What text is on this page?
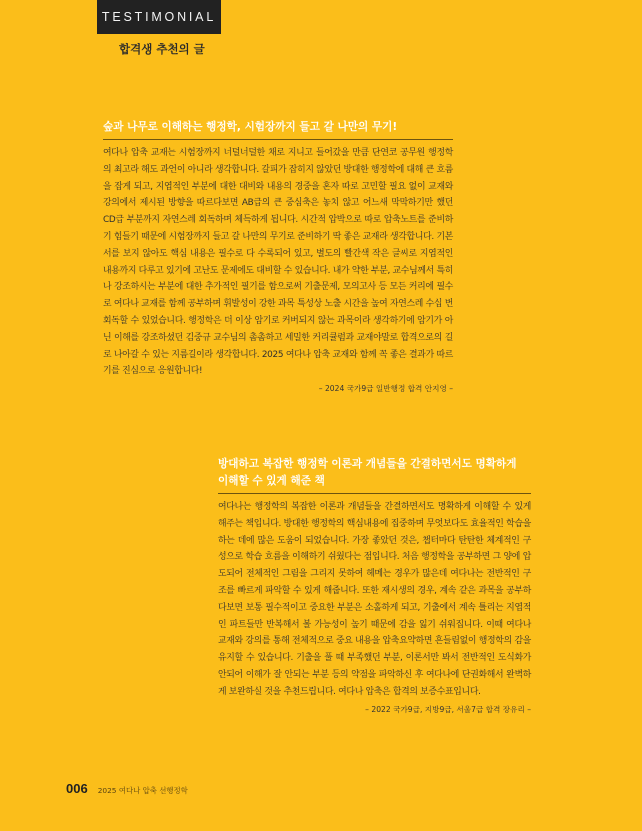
TESTIMONIAL
합격생 추천의 글
숲과 나무로 이해하는 행정학, 시험장까지 들고 갈 나만의 무기!

여다나 압축 교재는 시험장까지 너덜너덜한 채로 지니고 들어갔을 만큼 단연코 공무원 행정학의 최고라 해도 과언이 아니라 생각합니다. 갈피가 잡히지 않았던 방대한 행정학에 대해 큰 흐름을 잡게 되고, 지엽적인 부분에 대한 대비와 내용의 경중을 혼자 따로 고민할 필요 없이 교재와 강의에서 제시된 방향을 따르다보면 AB급의 큰 중심축은 놓치 않고 어느새 막막하기만 했던 CD급 부분까지 자연스레 회독하며 체득하게 됩니다. 시간적 압박으로 따로 압축노트를 준비하기 힘들기 때문에 시험장까지 들고 갈 나만의 무기로 준비하기 딱 좋은 교재라 생각합니다. 기본서를 보지 않아도 핵심 내용은 필수로 다 수록되어 있고, 별도의 빨간색 작은 글씨로 지엽적인 내용까지 다루고 있기에 고난도 문제에도 대비할 수 있습니다. 내가 약한 부분, 교수님께서 특히나 강조하시는 부분에 대한 추가적인 필기를 함으로써 기출문제, 모의고사 등 모든 커리에 필수로 여다나 교재를 함께 공부하며 휘발성이 강한 과목 특성상 노출 시간을 높여 자연스레 수십 번 회독할 수 있었습니다. 행정학은 더 이상 암기로 커버되지 않는 과목이라 생각하기에 암기가 아닌 이해를 강조하셨던 김중규 교수님의 촘촘하고 세밀한 커리큘럼과 교재야말로 합격으로의 길로 나아갈 수 있는 지름길이라 생각합니다. 2025 여다나 압축 교재와 함께 꼭 좋은 결과가 따르기를 진심으로 응원합니다!

– 2024 국가9급 일반행정 합격 안지영 –
방대하고 복잡한 행정학 이론과 개념들을 간결하면서도 명확하게
이해할 수 있게 해준 책

여다나는 행정학의 복잡한 이론과 개념들을 간결하면서도 명확하게 이해할 수 있게 해주는 책입니다. 방대한 행정학의 핵심내용에 집중하며 무엇보다도 효율적인 학습을 하는 데에 많은 도움이 되었습니다. 가장 좋았던 것은, 챕터마다 탄탄한 체계적인 구성으로 학습 흐름을 이해하기 쉬웠다는 점입니다. 처음 행정학을 공부하면 그 양에 압도되어 전체적인 그림을 그리지 못하여 헤메는 경우가 많은데 여다나는 전반적인 구조를 빠르게 파악할 수 있게 해줍니다. 또한 재시생의 경우, 계속 같은 과목을 공부하다보면 보통 필수적이고 중요한 부분은 소홀하게 되고, 기출에서 계속 틀리는 지엽적인 파트들만 반복해서 볼 가능성이 높기 때문에 감을 잃기 쉬워집니다. 이때 여다나 교재와 강의를 통해 전체적으로 중요 내용을 압축요약하면 흔들림없이 행정학의 감을 유지할 수 있습니다. 기출을 풀 때 부족했던 부분, 이론서만 봐서 전반적인 도식화가 안되어 이해가 잘 안되는 부분 등의 약점을 파악하신 후 여다나에 단권화해서 완벽하게 보완하실 것을 추천드립니다. 여다나 압축은 합격의 보증수표입니다.

– 2022 국가9급, 지방9급, 서울7급 합격 장유리 –
006 2025 여다나 압축 선행정학
